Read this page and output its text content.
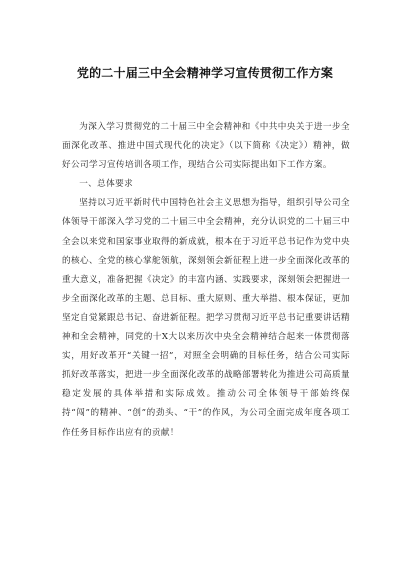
党的二十届三中全会精神学习宣传贯彻工作方案

为深入学习贯彻党的二十届三中全会精神和《中共中央关于进一步全面深化改革、推进中国式现代化的决定》（以下简称《决定》）精神，做好公司学习宣传培训各项工作，现结合公司实际提出如下工作方案。

一、总体要求

坚持以习近平新时代中国特色社会主义思想为指导，组织引导公司全体领导干部深入学习党的二十届三中全会精神，充分认识党的二十届三中全会以来党和国家事业取得的新成就，根本在于习近平总书记作为党中央的核心、全党的核心掌舵领航，深刻领会新征程上进一步全面深化改革的重大意义，准备把握《决定》的丰富内涵、实践要求，深刻领会把握进一步全面深化改革的主题、总目标、重大原则、重大举措、根本保证，更加坚定自觉紧跟总书记、奋进新征程。把学习贯彻习近平总书记重要讲话精神和全会精神，同党的十Ⅹ大以来历次中央全会精神结合起来一体贯彻落实，用好改革开“关键一招”，对照全会明确的目标任务，结合公司实际抓好改革落实，把进一步全面深化改革的战略部署转化为推进公司高质量稳定发展的具体举措和实际成效。推动公司全体领导干部始终保持“闯”的精神、“创”的劲头、“干”的作风，为公司全面完成年度各项工作任务目标作出应有的贡献！
